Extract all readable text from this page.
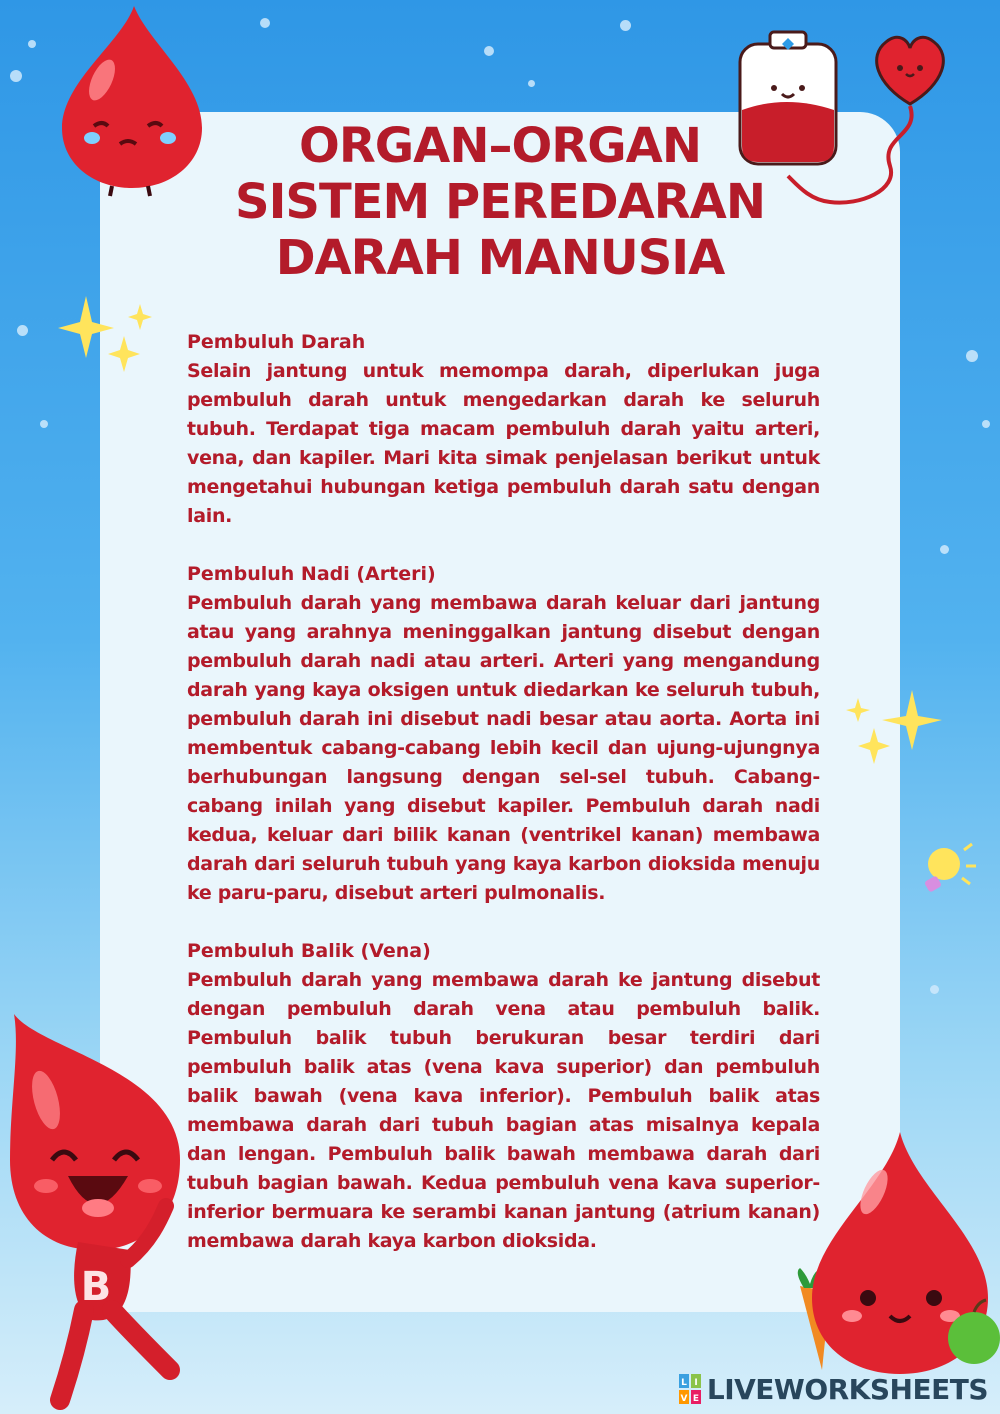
ORGAN–ORGAN
SISTEM PEREDARAN
DARAH MANUSIA
Pembuluh Darah

Selain jantung untuk memompa darah, diperlukan juga pembuluh darah untuk mengedarkan darah ke seluruh tubuh. Terdapat tiga macam pembuluh darah yaitu arteri, vena, dan kapiler. Mari kita simak penjelasan berikut untuk mengetahui hubungan ketiga pembuluh darah satu dengan lain.

Pembuluh Nadi (Arteri)

Pembuluh darah yang membawa darah keluar dari jantung atau yang arahnya meninggalkan jantung disebut dengan pembuluh darah nadi atau arteri. Arteri yang mengandung darah yang kaya oksigen untuk diedarkan ke seluruh tubuh, pembuluh darah ini disebut nadi besar atau aorta. Aorta ini membentuk cabang-cabang lebih kecil dan ujung-ujungnya berhubungan langsung dengan sel-sel tubuh. Cabang-cabang inilah yang disebut kapiler. Pembuluh darah nadi kedua, keluar dari bilik kanan (ventrikel kanan) membawa darah dari seluruh tubuh yang kaya karbon dioksida menuju ke paru-paru, disebut arteri pulmonalis.

Pembuluh Balik (Vena)

Pembuluh darah yang membawa darah ke jantung disebut dengan pembuluh darah vena atau pembuluh balik. Pembuluh balik tubuh berukuran besar terdiri dari pembuluh balik atas (vena kava superior) dan pembuluh balik bawah (vena kava inferior). Pembuluh balik atas membawa darah dari tubuh bagian atas misalnya kepala dan lengan. Pembuluh balik bawah membawa darah dari tubuh bagian bawah. Kedua pembuluh vena kava superior-inferior bermuara ke serambi kanan jantung (atrium kanan) membawa darah kaya karbon dioksida.

B
L I
V E LIVEWORKSHEETS
